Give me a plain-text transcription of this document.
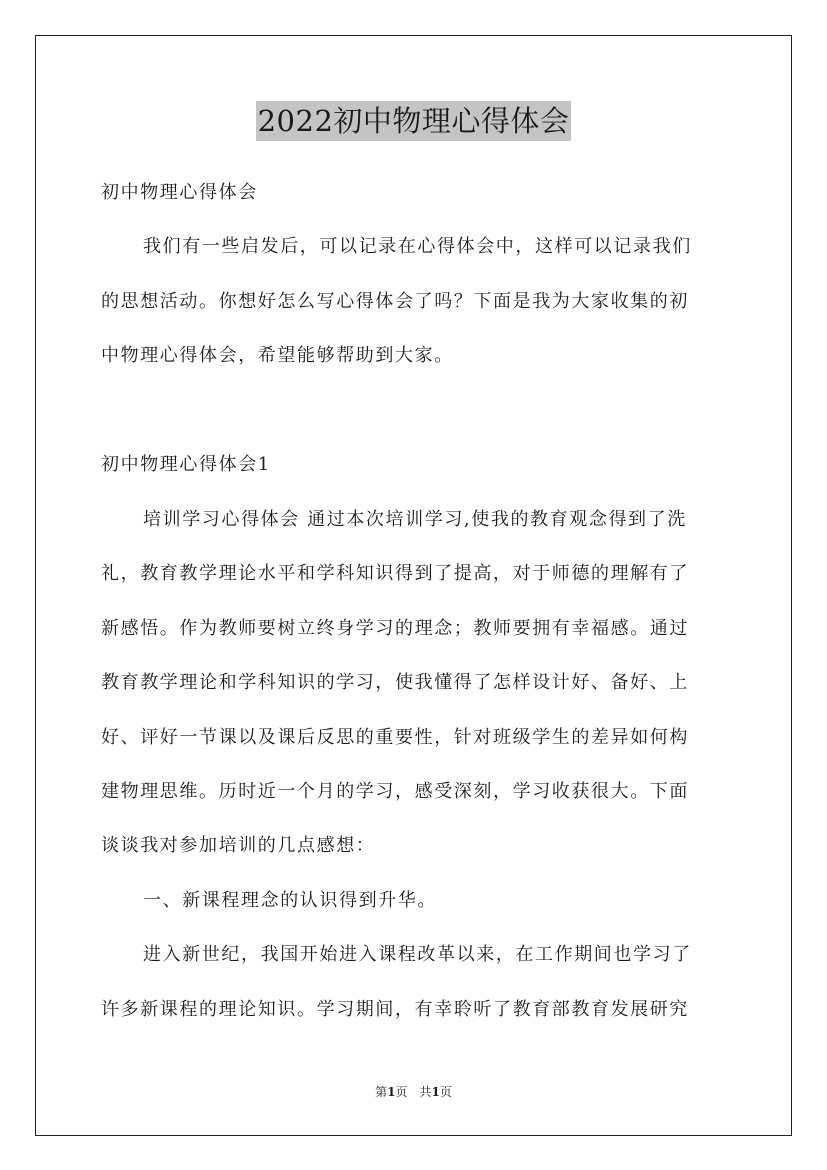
2022初中物理心得体会
初中物理心得体会
我们有一些启发后，可以记录在心得体会中，这样可以记录我们
的思想活动。你想好怎么写心得体会了吗？下面是我为大家收集的初
中物理心得体会，希望能够帮助到大家。
初中物理心得体会1
培训学习心得体会 通过本次培训学习,使我的教育观念得到了洗
礼，教育教学理论水平和学科知识得到了提高，对于师德的理解有了
新感悟。作为教师要树立终身学习的理念；教师要拥有幸福感。通过
教育教学理论和学科知识的学习，使我懂得了怎样设计好、备好、上
好、评好一节课以及课后反思的重要性，针对班级学生的差异如何构
建物理思维。历时近一个月的学习，感受深刻，学习收获很大。下面
谈谈我对参加培训的几点感想：
一、新课程理念的认识得到升华。
进入新世纪，我国开始进入课程改革以来，在工作期间也学习了
许多新课程的理论知识。学习期间，有幸聆听了教育部教育发展研究
第1页　共1页
